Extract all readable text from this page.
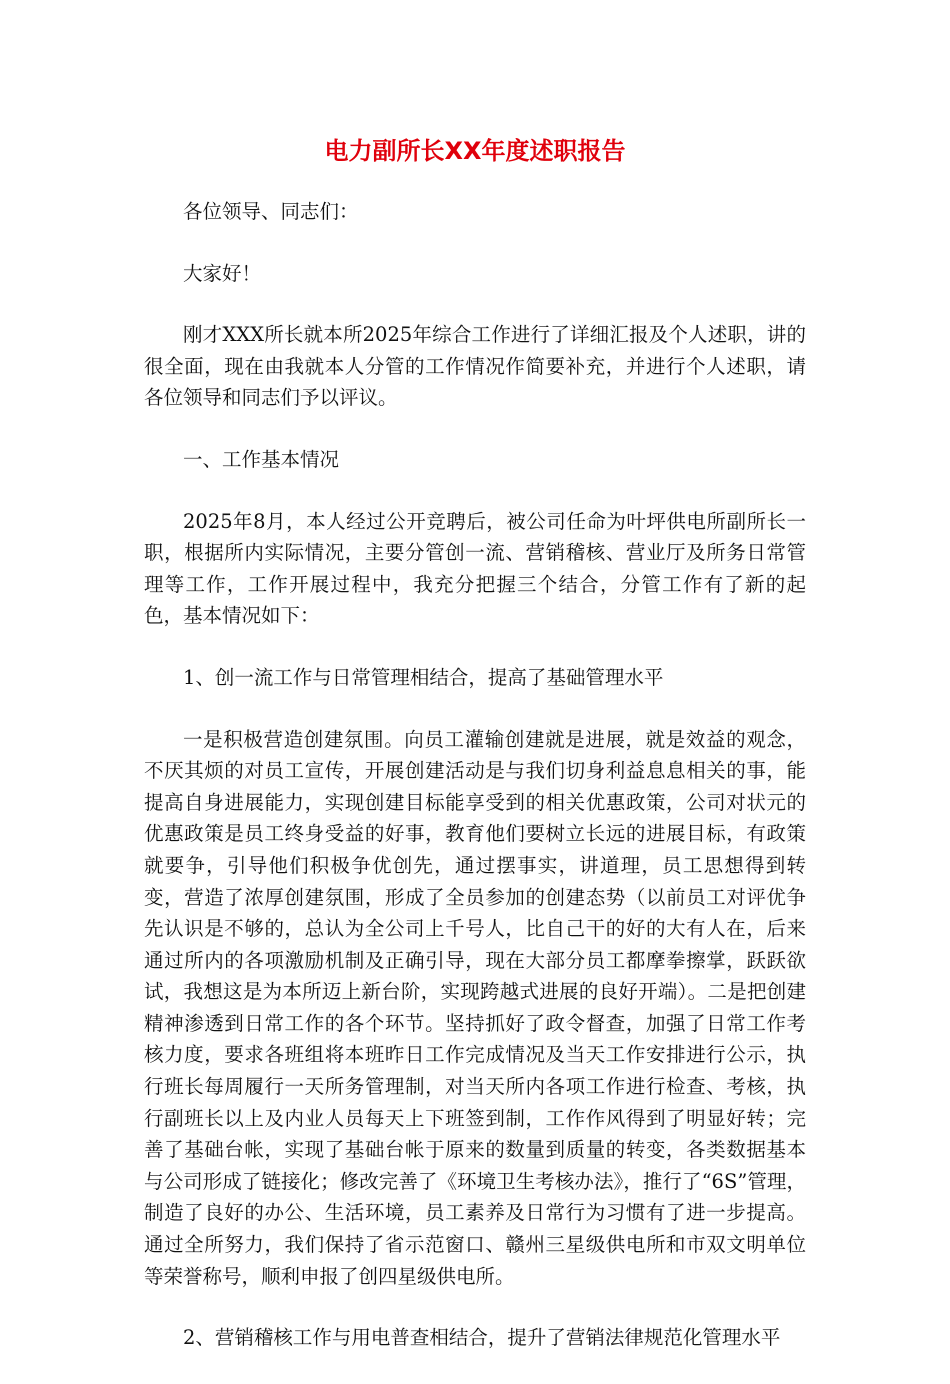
电力副所长XX年度述职报告

各位领导、同志们：

大家好！

刚才XXX所长就本所2025年综合工作进行了详细汇报及个人述职，讲的很全面，现在由我就本人分管的工作情况作简要补充，并进行个人述职，请各位领导和同志们予以评议。

一、工作基本情况

2025年8月，本人经过公开竞聘后，被公司任命为叶坪供电所副所长一职，根据所内实际情况，主要分管创一流、营销稽核、营业厅及所务日常管理等工作，工作开展过程中，我充分把握三个结合，分管工作有了新的起色，基本情况如下：

1、创一流工作与日常管理相结合，提高了基础管理水平

一是积极营造创建氛围。向员工灌输创建就是进展，就是效益的观念，不厌其烦的对员工宣传，开展创建活动是与我们切身利益息息相关的事，能提高自身进展能力，实现创建目标能享受到的相关优惠政策，公司对状元的优惠政策是员工终身受益的好事，教育他们要树立长远的进展目标，有政策就要争，引导他们积极争优创先，通过摆事实，讲道理，员工思想得到转变，营造了浓厚创建氛围，形成了全员参加的创建态势（以前员工对评优争先认识是不够的，总认为全公司上千号人，比自己干的好的大有人在，后来通过所内的各项激励机制及正确引导，现在大部分员工都摩拳擦掌，跃跃欲试，我想这是为本所迈上新台阶，实现跨越式进展的良好开端）。二是把创建精神渗透到日常工作的各个环节。坚持抓好了政令督查，加强了日常工作考核力度，要求各班组将本班昨日工作完成情况及当天工作安排进行公示，执行班长每周履行一天所务管理制，对当天所内各项工作进行检查、考核，执行副班长以上及内业人员每天上下班签到制，工作作风得到了明显好转；完善了基础台帐，实现了基础台帐于原来的数量到质量的转变，各类数据基本与公司形成了链接化；修改完善了《环境卫生考核办法》，推行了“6S”管理，制造了良好的办公、生活环境，员工素养及日常行为习惯有了进一步提高。通过全所努力，我们保持了省示范窗口、赣州三星级供电所和市双文明单位等荣誉称号，顺利申报了创四星级供电所。

2、营销稽核工作与用电普查相结合，提升了营销法律规范化管理水平
